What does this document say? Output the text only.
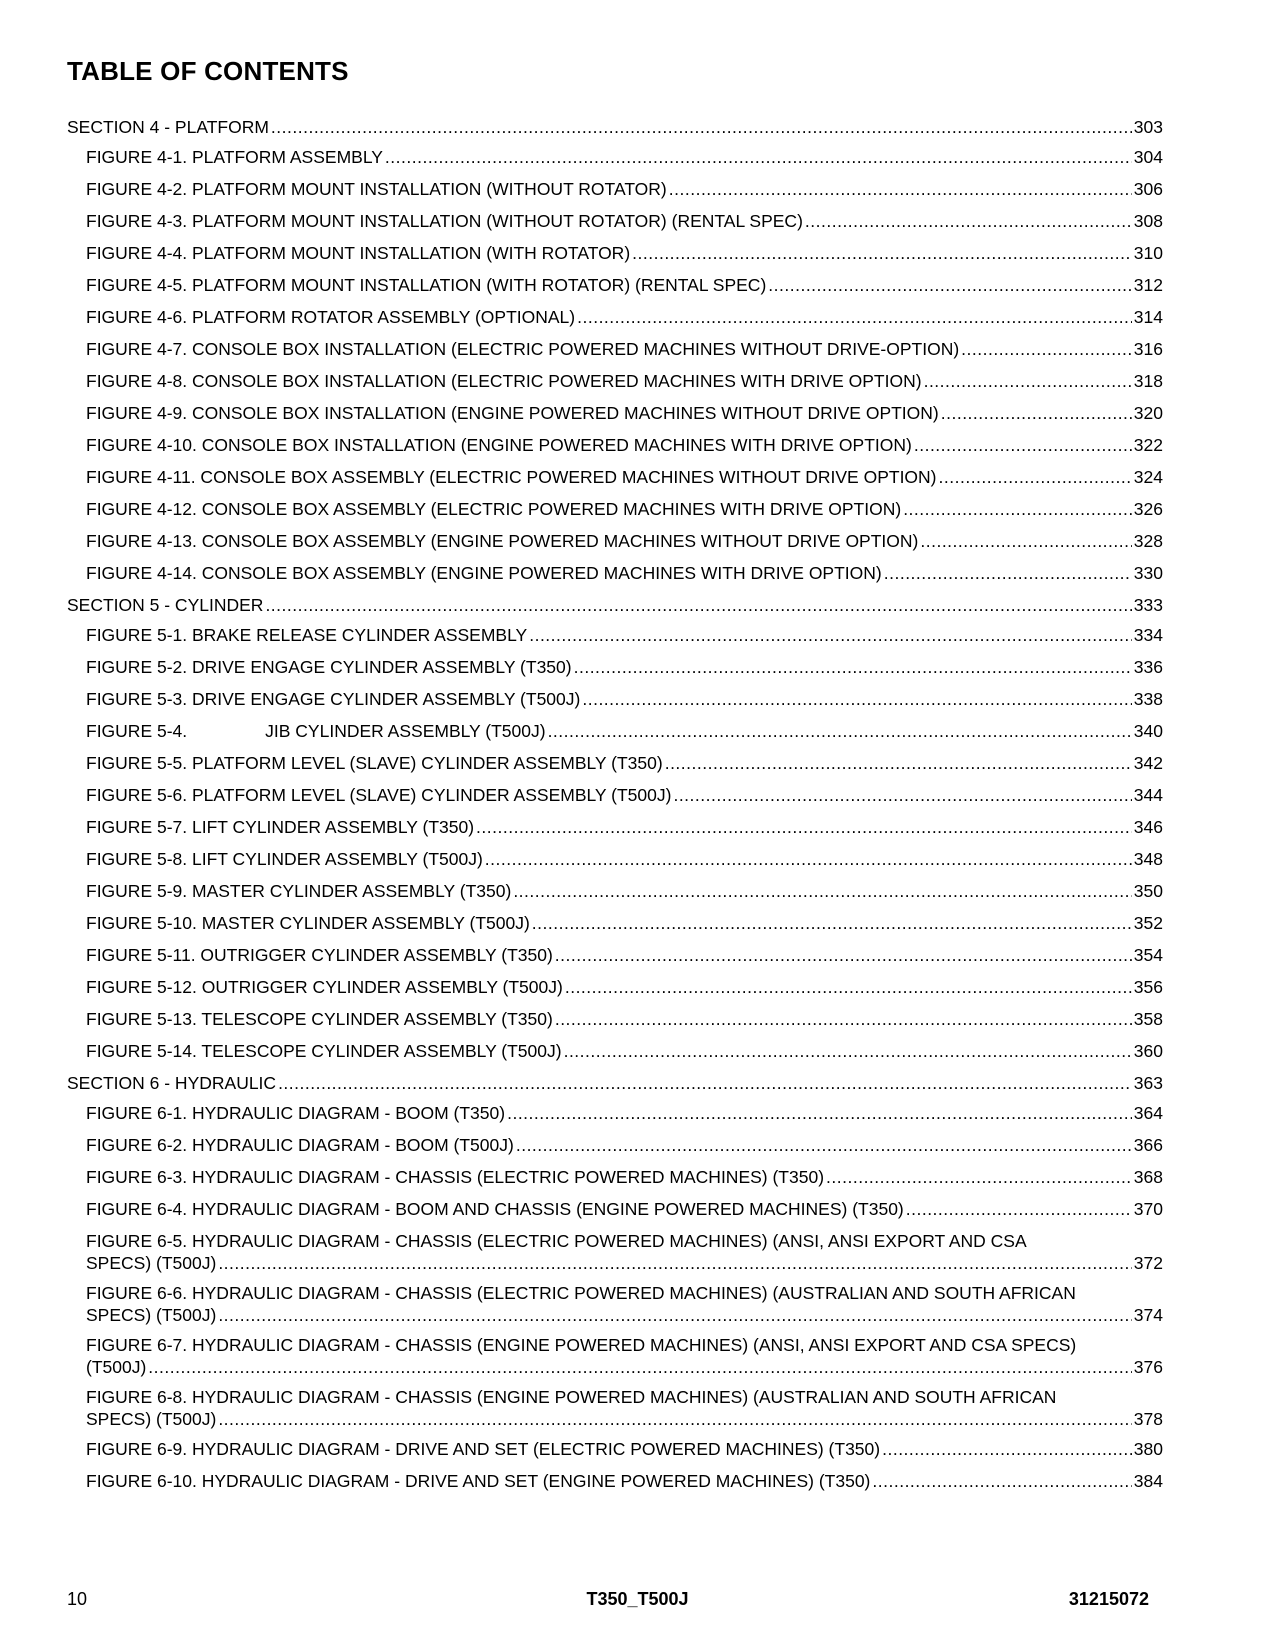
TABLE OF CONTENTS
SECTION 4 - PLATFORM .....	303
FIGURE 4-1. PLATFORM ASSEMBLY .....	304
FIGURE 4-2. PLATFORM MOUNT INSTALLATION (WITHOUT ROTATOR) .....	306
FIGURE 4-3. PLATFORM MOUNT INSTALLATION (WITHOUT ROTATOR) (RENTAL SPEC) .....	308
FIGURE 4-4. PLATFORM MOUNT INSTALLATION (WITH ROTATOR) .....	310
FIGURE 4-5. PLATFORM MOUNT INSTALLATION (WITH ROTATOR) (RENTAL SPEC) .....	312
FIGURE 4-6. PLATFORM ROTATOR ASSEMBLY (OPTIONAL) .....	314
FIGURE 4-7. CONSOLE BOX INSTALLATION (ELECTRIC POWERED MACHINES WITHOUT DRIVE-OPTION) .....	316
FIGURE 4-8. CONSOLE BOX INSTALLATION (ELECTRIC POWERED MACHINES WITH DRIVE OPTION) .....	318
FIGURE 4-9. CONSOLE BOX INSTALLATION (ENGINE POWERED MACHINES WITHOUT DRIVE OPTION) .....	320
FIGURE 4-10. CONSOLE BOX INSTALLATION (ENGINE POWERED MACHINES WITH DRIVE OPTION) .....	322
FIGURE 4-11. CONSOLE BOX ASSEMBLY (ELECTRIC POWERED MACHINES WITHOUT DRIVE OPTION) .....	324
FIGURE 4-12. CONSOLE BOX ASSEMBLY (ELECTRIC POWERED MACHINES WITH DRIVE OPTION) .....	326
FIGURE 4-13. CONSOLE BOX ASSEMBLY (ENGINE POWERED MACHINES WITHOUT DRIVE OPTION) .....	328
FIGURE 4-14. CONSOLE BOX ASSEMBLY (ENGINE POWERED MACHINES WITH DRIVE OPTION) .....	330
SECTION 5 - CYLINDER .....	333
FIGURE 5-1. BRAKE RELEASE CYLINDER ASSEMBLY .....	334
FIGURE 5-2. DRIVE ENGAGE CYLINDER ASSEMBLY (T350) .....	336
FIGURE 5-3. DRIVE ENGAGE CYLINDER ASSEMBLY (T500J) .....	338
FIGURE 5-4.	JIB CYLINDER ASSEMBLY (T500J) .....	340
FIGURE 5-5. PLATFORM LEVEL (SLAVE) CYLINDER ASSEMBLY (T350) .....	342
FIGURE 5-6. PLATFORM LEVEL (SLAVE) CYLINDER ASSEMBLY (T500J) .....	344
FIGURE 5-7. LIFT CYLINDER ASSEMBLY (T350) .....	346
FIGURE 5-8. LIFT CYLINDER ASSEMBLY (T500J) .....	348
FIGURE 5-9. MASTER CYLINDER ASSEMBLY (T350) .....	350
FIGURE 5-10. MASTER CYLINDER ASSEMBLY (T500J) .....	352
FIGURE 5-11. OUTRIGGER CYLINDER ASSEMBLY (T350) .....	354
FIGURE 5-12. OUTRIGGER CYLINDER ASSEMBLY (T500J) .....	356
FIGURE 5-13. TELESCOPE CYLINDER ASSEMBLY (T350) .....	358
FIGURE 5-14. TELESCOPE CYLINDER ASSEMBLY (T500J) .....	360
SECTION 6 - HYDRAULIC .....	363
FIGURE 6-1. HYDRAULIC DIAGRAM - BOOM (T350) .....	364
FIGURE 6-2. HYDRAULIC DIAGRAM - BOOM (T500J) .....	366
FIGURE 6-3. HYDRAULIC DIAGRAM - CHASSIS (ELECTRIC POWERED MACHINES) (T350) .....	368
FIGURE 6-4. HYDRAULIC DIAGRAM - BOOM AND CHASSIS (ENGINE POWERED MACHINES) (T350) .....	370
FIGURE 6-5. HYDRAULIC DIAGRAM - CHASSIS (ELECTRIC POWERED MACHINES) (ANSI, ANSI EXPORT AND CSA
SPECS) (T500J) .....	372
FIGURE 6-6. HYDRAULIC DIAGRAM - CHASSIS (ELECTRIC POWERED MACHINES) (AUSTRALIAN AND SOUTH AFRICAN
SPECS) (T500J) .....	374
FIGURE 6-7. HYDRAULIC DIAGRAM - CHASSIS (ENGINE POWERED MACHINES) (ANSI, ANSI EXPORT AND CSA SPECS)
(T500J) .....	376
FIGURE 6-8. HYDRAULIC DIAGRAM - CHASSIS (ENGINE POWERED MACHINES) (AUSTRALIAN AND SOUTH AFRICAN
SPECS) (T500J) .....	378
FIGURE 6-9. HYDRAULIC DIAGRAM - DRIVE AND SET (ELECTRIC POWERED MACHINES) (T350) .....	380
FIGURE 6-10. HYDRAULIC DIAGRAM - DRIVE AND SET (ENGINE POWERED MACHINES) (T350) .....	384
10	T350_T500J	31215072
